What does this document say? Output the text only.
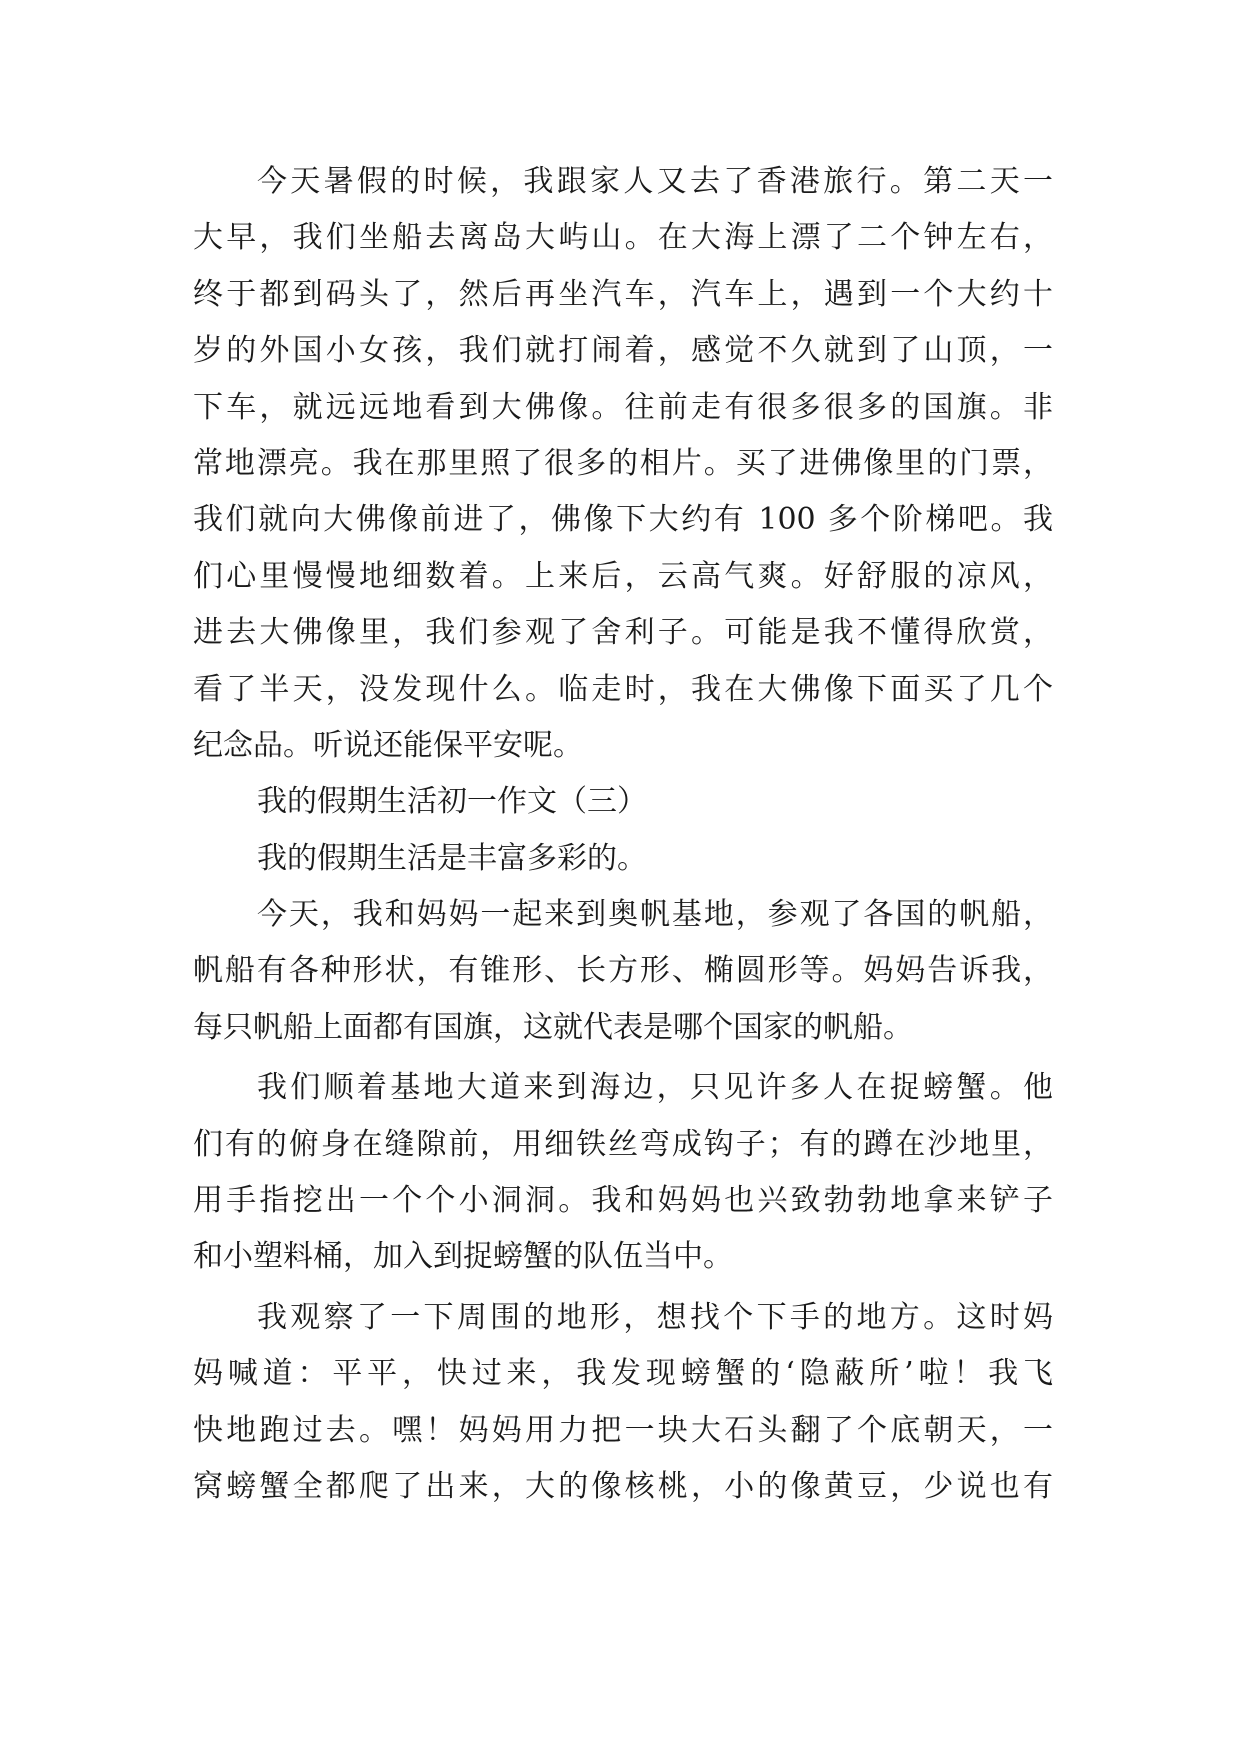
今天暑假的时候，我跟家人又去了香港旅行。第二天一
大早，我们坐船去离岛大屿山。在大海上漂了二个钟左右，
终于都到码头了，然后再坐汽车，汽车上，遇到一个大约十
岁的外国小女孩，我们就打闹着，感觉不久就到了山顶，一
下车，就远远地看到大佛像。往前走有很多很多的国旗。非
常地漂亮。我在那里照了很多的相片。买了进佛像里的门票，
我们就向大佛像前进了，佛像下大约有 100 多个阶梯吧。我
们心里慢慢地细数着。上来后，云高气爽。好舒服的凉风，
进去大佛像里，我们参观了舍利子。可能是我不懂得欣赏，
看了半天，没发现什么。临走时，我在大佛像下面买了几个
纪念品。听说还能保平安呢。
我的假期生活初一作文（三）
我的假期生活是丰富多彩的。
今天，我和妈妈一起来到奥帆基地，参观了各国的帆船，
帆船有各种形状，有锥形、长方形、椭圆形等。妈妈告诉我，
每只帆船上面都有国旗，这就代表是哪个国家的帆船。
我们顺着基地大道来到海边，只见许多人在捉螃蟹。他
们有的俯身在缝隙前，用细铁丝弯成钩子；有的蹲在沙地里，
用手指挖出一个个小洞洞。我和妈妈也兴致勃勃地拿来铲子
和小塑料桶，加入到捉螃蟹的队伍当中。
我观察了一下周围的地形，想找个下手的地方。这时妈
妈喊道：平平，快过来，我发现螃蟹的‘隐蔽所’啦！我飞
快地跑过去。嘿！妈妈用力把一块大石头翻了个底朝天，一
窝螃蟹全都爬了出来，大的像核桃，小的像黄豆，少说也有
